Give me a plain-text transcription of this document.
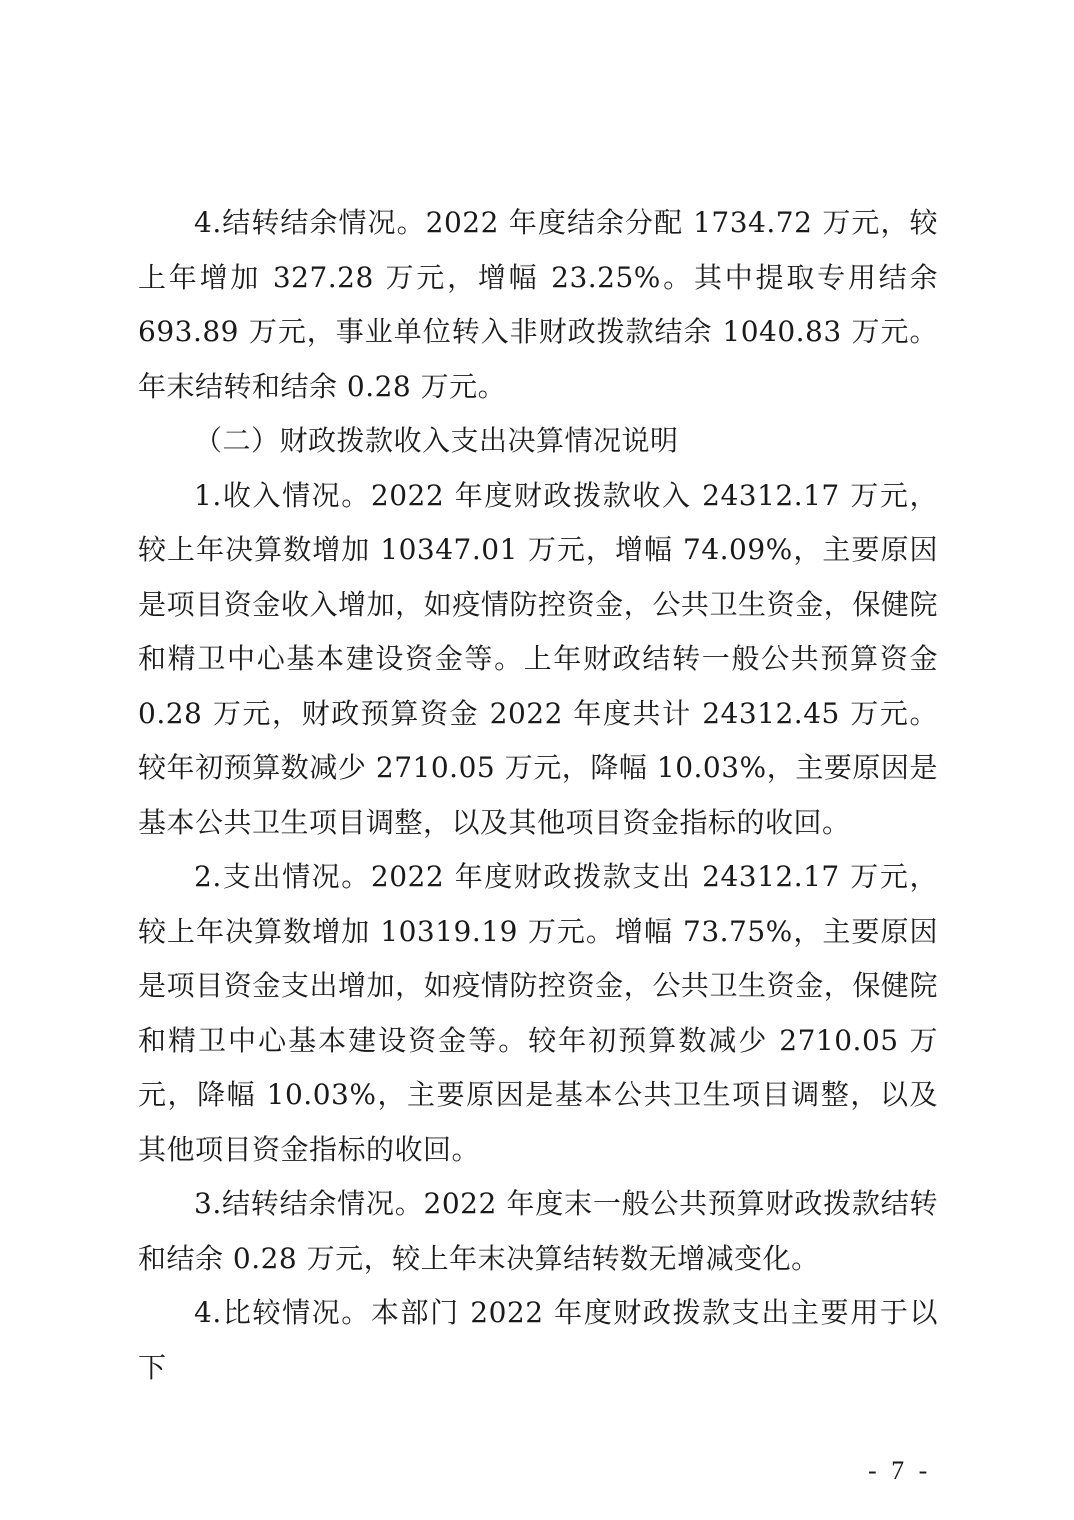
4.结转结余情况。2022 年度结余分配 1734.72 万元，较上年增加 327.28 万元，增幅 23.25%。其中提取专用结余 693.89 万元，事业单位转入非财政拨款结余 1040.83 万元。年末结转和结余 0.28 万元。

（二）财政拨款收入支出决算情况说明

1.收入情况。2022 年度财政拨款收入 24312.17 万元，较上年决算数增加 10347.01 万元，增幅 74.09%，主要原因是项目资金收入增加，如疫情防控资金，公共卫生资金，保健院和精卫中心基本建设资金等。上年财政结转一般公共预算资金 0.28 万元，财政预算资金 2022 年度共计 24312.45 万元。较年初预算数减少 2710.05 万元，降幅 10.03%，主要原因是基本公共卫生项目调整，以及其他项目资金指标的收回。

2.支出情况。2022 年度财政拨款支出 24312.17 万元，较上年决算数增加 10319.19 万元。增幅 73.75%，主要原因是项目资金支出增加，如疫情防控资金，公共卫生资金，保健院和精卫中心基本建设资金等。较年初预算数减少 2710.05 万元，降幅 10.03%，主要原因是基本公共卫生项目调整，以及其他项目资金指标的收回。

3.结转结余情况。2022 年度末一般公共预算财政拨款结转和结余 0.28 万元，较上年末决算结转数无增减变化。

4.比较情况。本部门 2022 年度财政拨款支出主要用于以下

- 7 -
